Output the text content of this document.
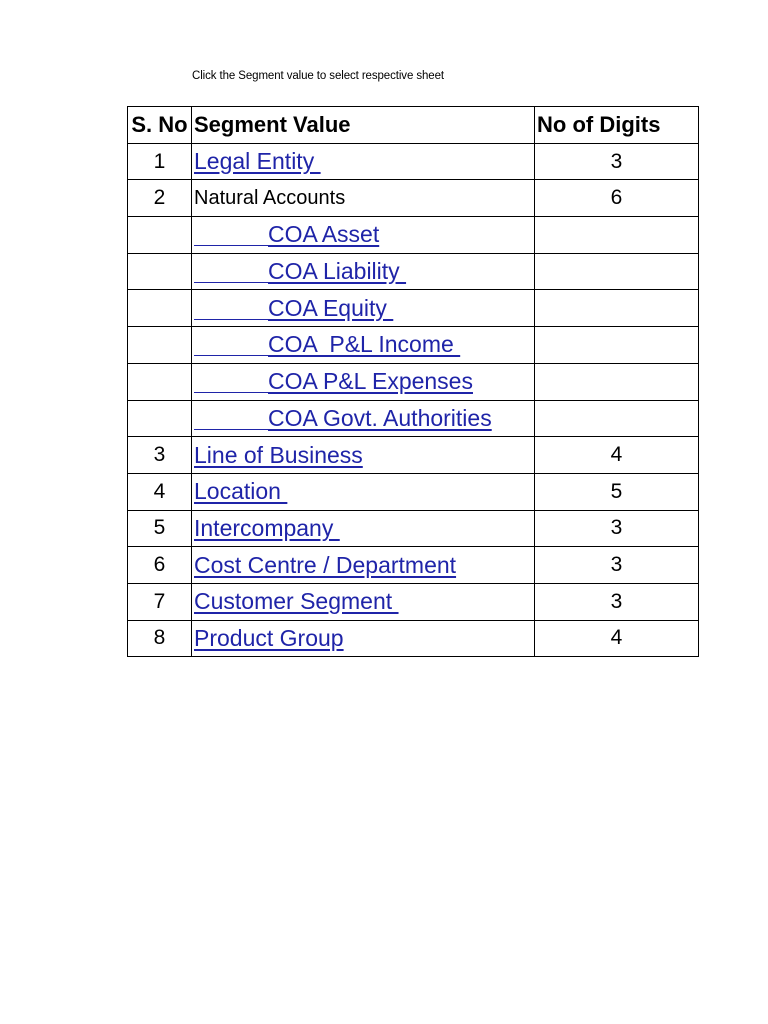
Click the Segment value to select respective sheet
S. No	Segment Value	No of Digits
1	Legal Entity	3
2	Natural Accounts	6
	COA Asset	
	COA Liability	
	COA Equity	
	COA  P&L Income	
	COA P&L Expenses	
	COA Govt. Authorities	
3	Line of Business	4
4	Location	5
5	Intercompany	3
6	Cost Centre / Department	3
7	Customer Segment	3
8	Product Group	4
